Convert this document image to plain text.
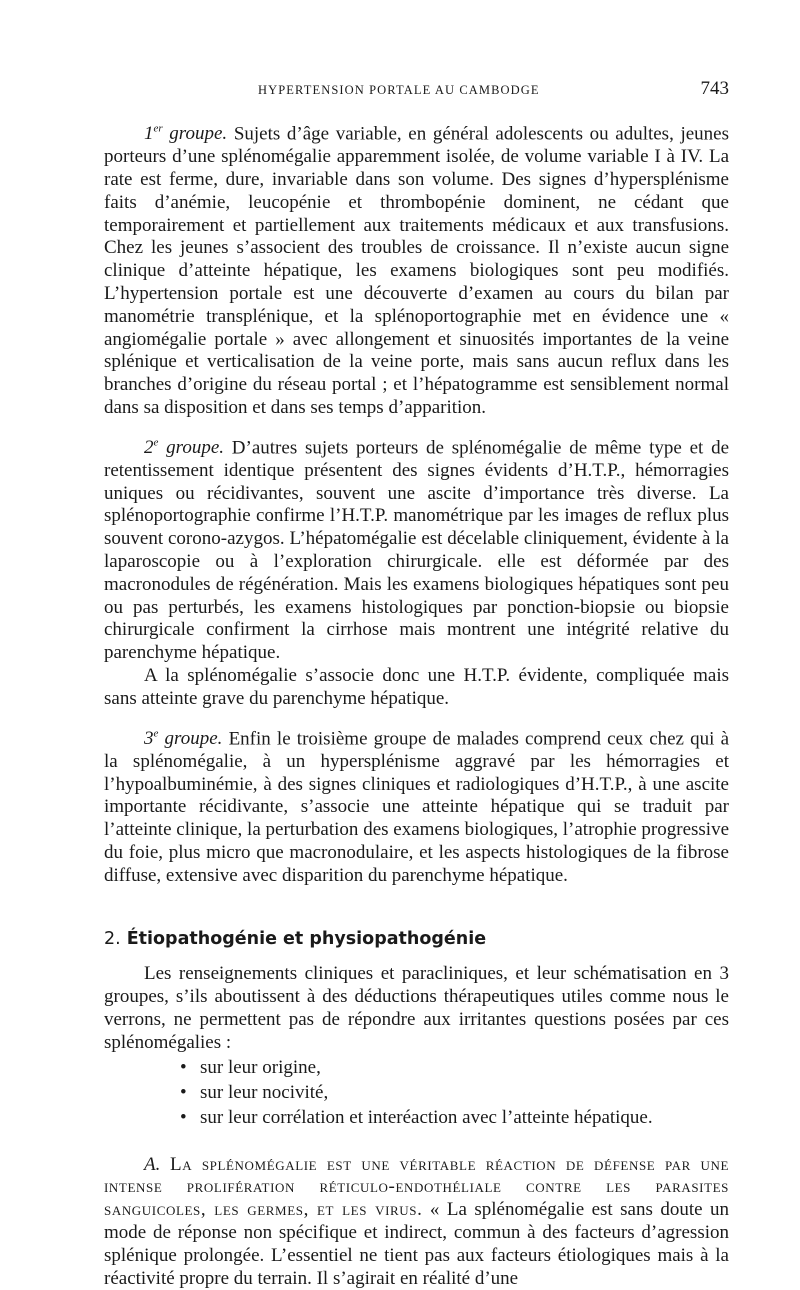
HYPERTENSION PORTALE AU CAMBODGE	743

1er groupe. Sujets d’âge variable, en général adolescents ou adultes, jeunes porteurs d’une splénomégalie apparemment isolée, de volume variable I à IV. La rate est ferme, dure, invariable dans son volume. Des signes d’hypersplénisme faits d’anémie, leucopénie et thrombopénie dominent, ne cédant que temporairement et partiellement aux traitements médicaux et aux transfusions. Chez les jeunes s’associent des troubles de croissance. Il n’existe aucun signe clinique d’atteinte hépatique, les examens biologiques sont peu modifiés. L’hypertension portale est une découverte d’examen au cours du bilan par manométrie transplénique, et la splénoportographie met en évidence une « angiomégalie portale » avec allongement et sinuosités importantes de la veine splénique et verticalisation de la veine porte, mais sans aucun reflux dans les branches d’origine du réseau portal ; et l’hépatogramme est sensiblement normal dans sa disposition et dans ses temps d’apparition.

2e groupe. D’autres sujets porteurs de splénomégalie de même type et de retentissement identique présentent des signes évidents d’H.T.P., hémorragies uniques ou récidivantes, souvent une ascite d’importance très diverse. La splénoportographie confirme l’H.T.P. manométrique par les images de reflux plus souvent corono-azygos. L’hépatomégalie est décelable cliniquement, évidente à la laparoscopie ou à l’exploration chirurgicale. elle est déformée par des macronodules de régénération. Mais les examens biologiques hépatiques sont peu ou pas perturbés, les examens histologiques par ponction-biopsie ou biopsie chirurgicale confirment la cirrhose mais montrent une intégrité relative du parenchyme hépatique.

A la splénomégalie s’associe donc une H.T.P. évidente, compliquée mais sans atteinte grave du parenchyme hépatique.

3e groupe. Enfin le troisième groupe de malades comprend ceux chez qui à la splénomégalie, à un hypersplénisme aggravé par les hémorragies et l’hypoalbuminémie, à des signes cliniques et radiologiques d’H.T.P., à une ascite importante récidivante, s’associe une atteinte hépatique qui se traduit par l’atteinte clinique, la perturbation des examens biologiques, l’atrophie progressive du foie, plus micro que macronodulaire, et les aspects histologiques de la fibrose diffuse, extensive avec disparition du parenchyme hépatique.

2. Étiopathogénie et physiopathogénie

Les renseignements cliniques et paracliniques, et leur schématisation en 3 groupes, s’ils aboutissent à des déductions thérapeutiques utiles comme nous le verrons, ne permettent pas de répondre aux irritantes questions posées par ces splénomégalies :

• sur leur origine,
• sur leur nocivité,
• sur leur corrélation et interéaction avec l’atteinte hépatique.

A. La splénomégalie est une véritable réaction de défense par une intense prolifération réticulo-endothéliale contre les parasites sanguicoles, les germes, et les virus. « La splénomégalie est sans doute un mode de réponse non spécifique et indirect, commun à des facteurs d’agression splénique prolongée. L’essentiel ne tient pas aux facteurs étiologiques mais à la réactivité propre du terrain. Il s’agirait en réalité d’une
